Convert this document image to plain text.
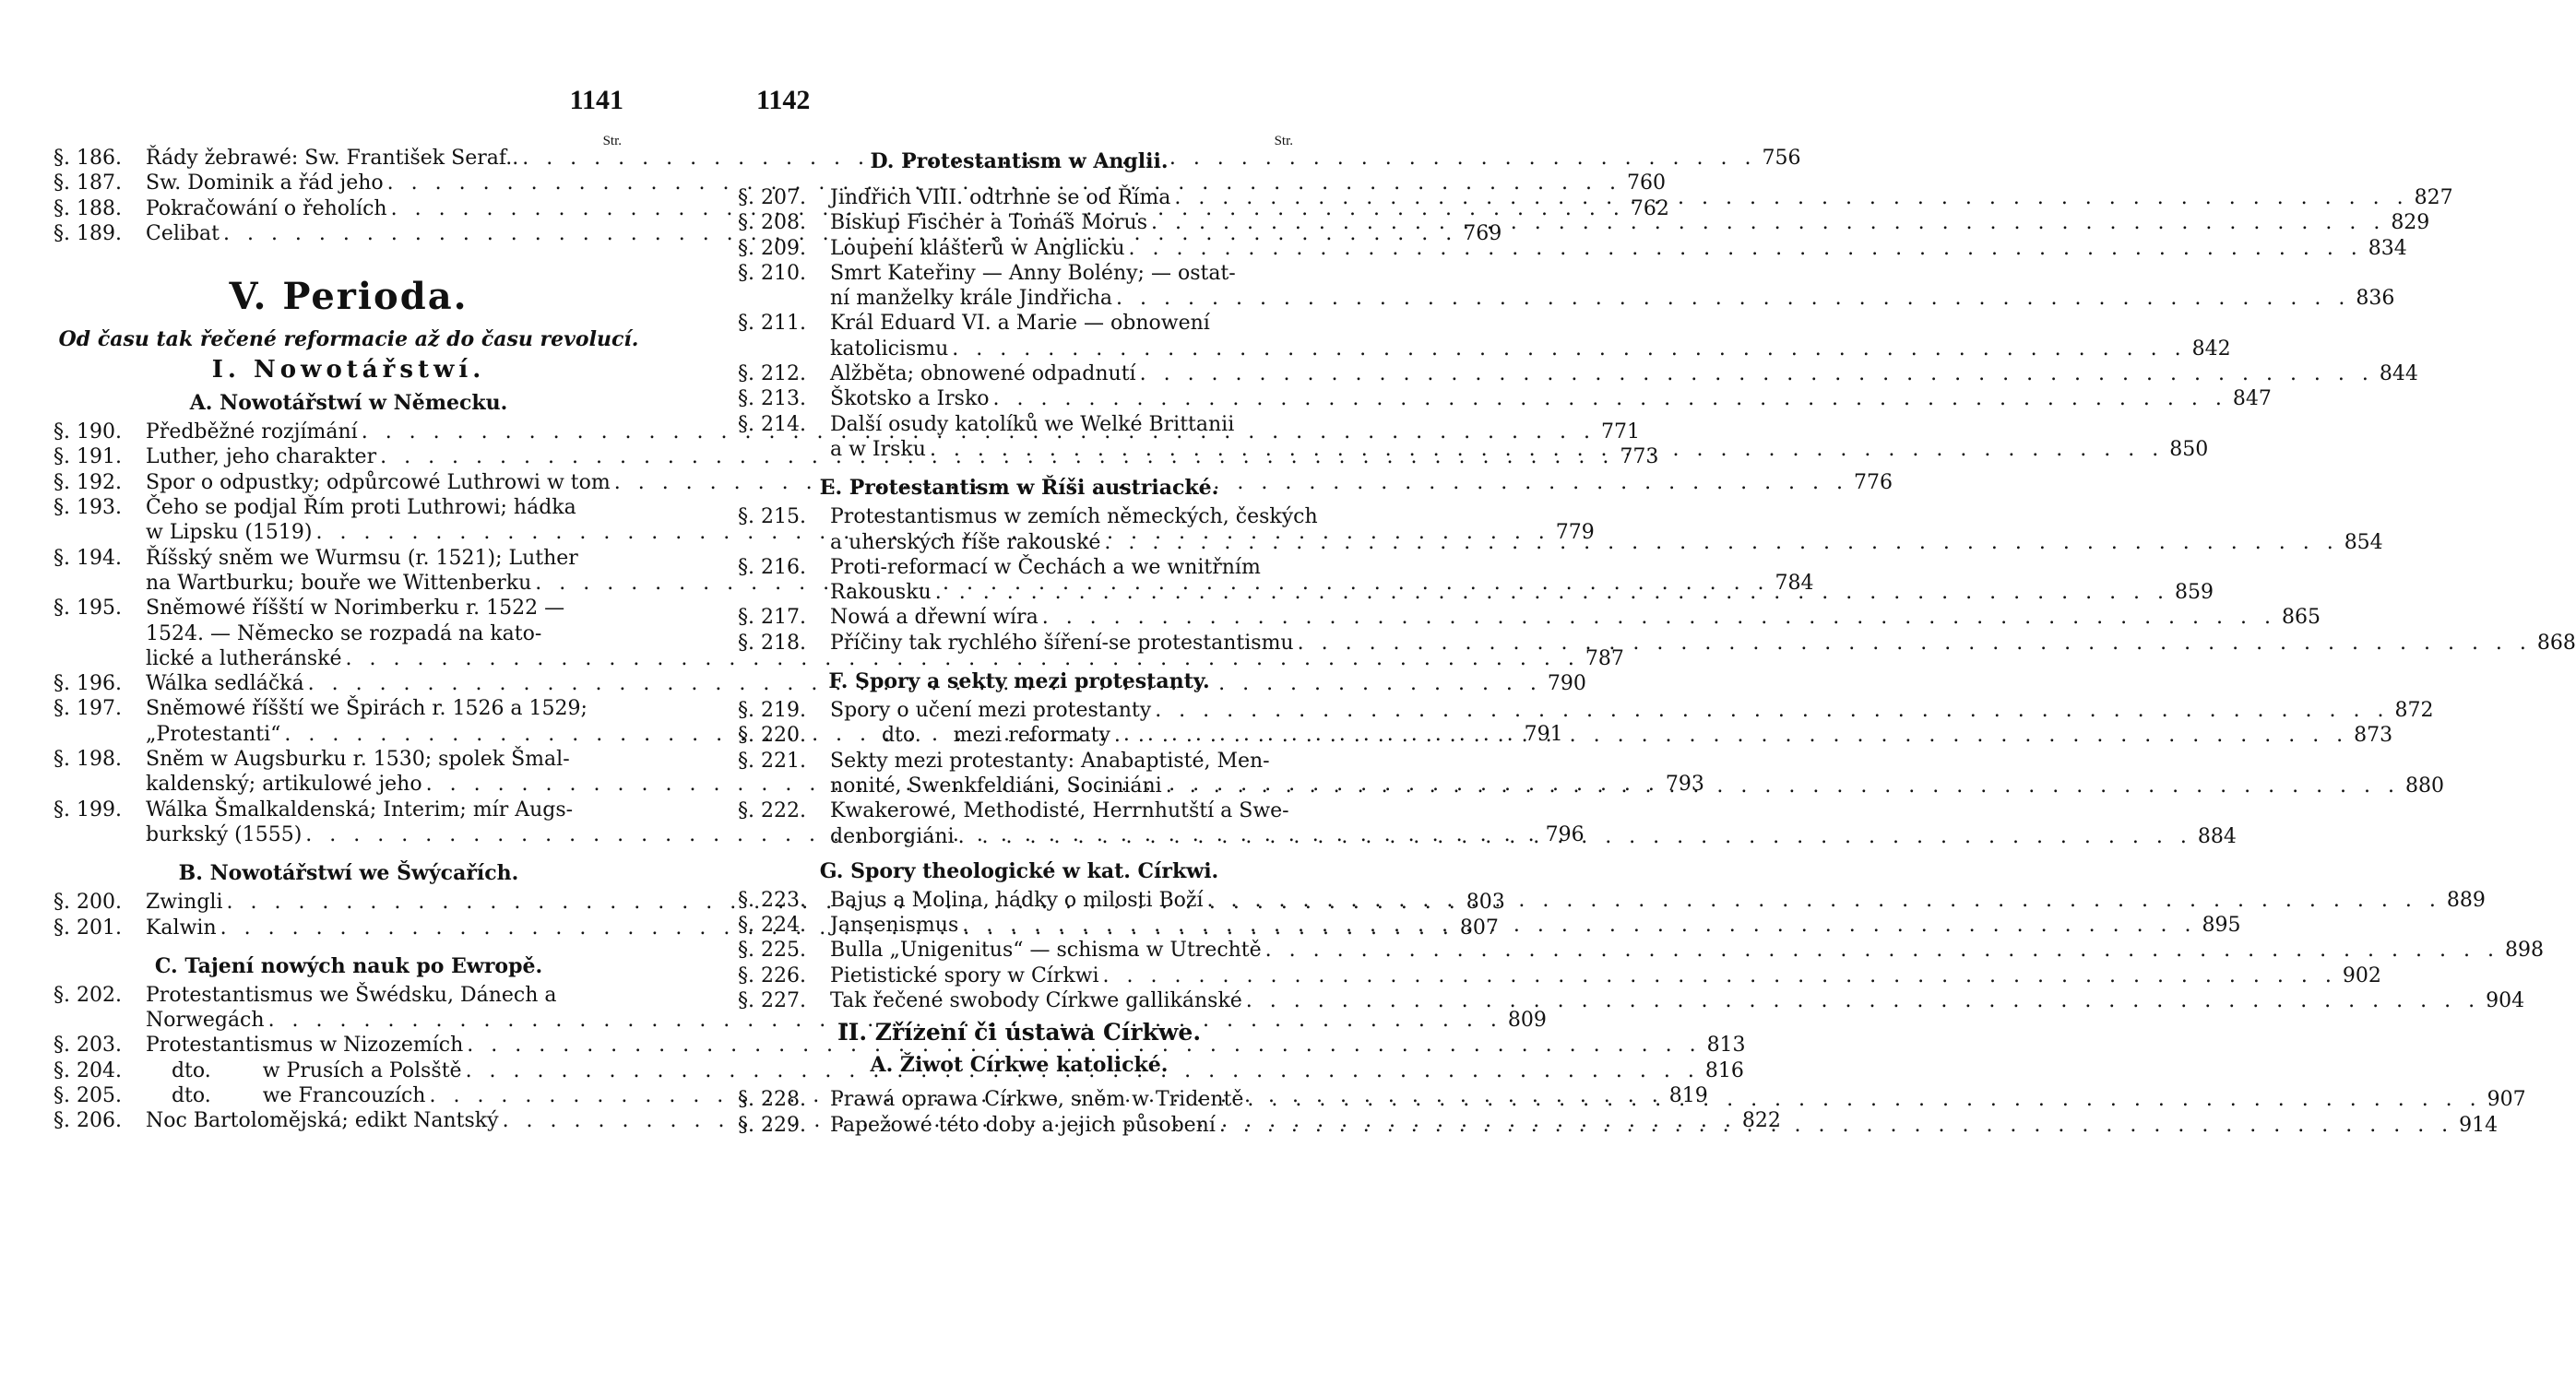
1141
Str.
§. 186.	Řády žebrawé: Sw. František Seraf.. . . .	756
§. 187.	Sw. Dominik a řád jeho . . .	760
§. 188.	Pokračowání o řeholích . . .	762
§. 189.	Celibat . . .	769
V. Perioda.
Od času tak řečené reformacie až do času revolucí.
I. Nowotářstwí.
A. Nowotářstwí w Německu.
§. 190.	Předběžné rozjímání . . .	771
§. 191.	Luther, jeho charakter . . .	773
§. 192.	Spor o odpustky; odpůrcowé Luthrowi w tom . . .	776
§. 193.	Čeho se podjal Řím proti Luthrowi; hádka
w Lipsku (1519) . . .	779
§. 194.	Říšský sněm we Wurmsu (r. 1521); Luther
na Wartburku; bouře we Wittenberku . . .	784
§. 195.	Sněmowé říšští w Norimberku r. 1522 —
1524. — Německo se rozpadá na kato-
lické a lutheránské . . .	787
§. 196.	Wálka sedláčká . . .	790
§. 197.	Sněmowé říšští we Špirách r. 1526 a 1529;
„Protestanti“ . . .	791
§. 198.	Sněm w Augsburku r. 1530; spolek Šmal-
kaldenský; artikulowé jeho . . .	793
§. 199.	Wálka Šmalkaldenská; Interim; mír Augs-
burkský (1555) . . .	796
B. Nowotářstwí we Šwýcařích.
§. 200.	Zwingli . . .	803
§. 201.	Kalwin . . .	807
C. Tajení nowých nauk po Ewropě.
§. 202.	Protestantismus we Šwédsku, Dánech a
Norwegách . . .	809
§. 203.	Protestantismus w Nizozemích . . .	813
§. 204.	dto.        w Prusích a Polsště . . .	816
§. 205.	dto.        we Francouzích . . .	819
§. 206.	Noc Bartolomějská; edikt Nantský . . .	822
1142
Str.
D. Protestantism w Anglii.
§. 207.	Jindřich VIII. odtrhne se od Říma . . .	827
§. 208.	Biskup Fischer a Tomáš Morus . . .	829
§. 209.	Loupení klášterů w Anglicku . . .	834
§. 210.	Smrt Kateřiny — Anny Bolény; — ostat-
ní manželky krále Jindřicha . . .	836
§. 211.	Král Eduard VI. a Marie — obnowení
katolicismu . . .	842
§. 212.	Alžběta; obnowené odpadnutí . . .	844
§. 213.	Škotsko a Irsko . . .	847
§. 214.	Další osudy katolíků we Welké Brittanii
a w Irsku . . .	850
E. Protestantism w Říši austriacké.
§. 215.	Protestantismus w zemích německých, českých
a uherských říše rakouské . . .	854
§. 216.	Proti-reformací w Čechách a we wnitřním
Rakousku . . .	859
§. 217.	Nowá a dřewní wíra . . .	865
§. 218.	Příčiny tak rychlého šíření-se protestantismu . . .	868
F. Spory a sekty mezi protestanty.
§. 219.	Spory o učení mezi protestanty . . .	872
§. 220.	dto.     mezi reformaty . . .	873
§. 221.	Sekty mezi protestanty: Anabaptisté, Men-
nonité, Swenkfeldiáni, Sociniáni . . .	880
§. 222.	Kwakerowé, Methodisté, Herrnhutští a Swe-
denborgiáni . . .	884
G. Spory theologické w kat. Církwi.
§. 223.	Bajus a Molina, hádky o milosti Boží . . .	889
§. 224.	Jansenismus . . .	895
§. 225.	Bulla „Unigenitus“ — schisma w Utrechtě . . .	898
§. 226.	Pietistické spory w Církwi . . .	902
§. 227.	Tak řečené swobody Církwe gallikánské . . .	904
II. Zřízení či ústawa Církwe.
A. Žiwot Církwe katolické.
§. 228.	Prawá oprawa Církwe, sněm w Tridentě . . .	907
§. 229.	Papežowé této doby a jejich působení . . .	914
